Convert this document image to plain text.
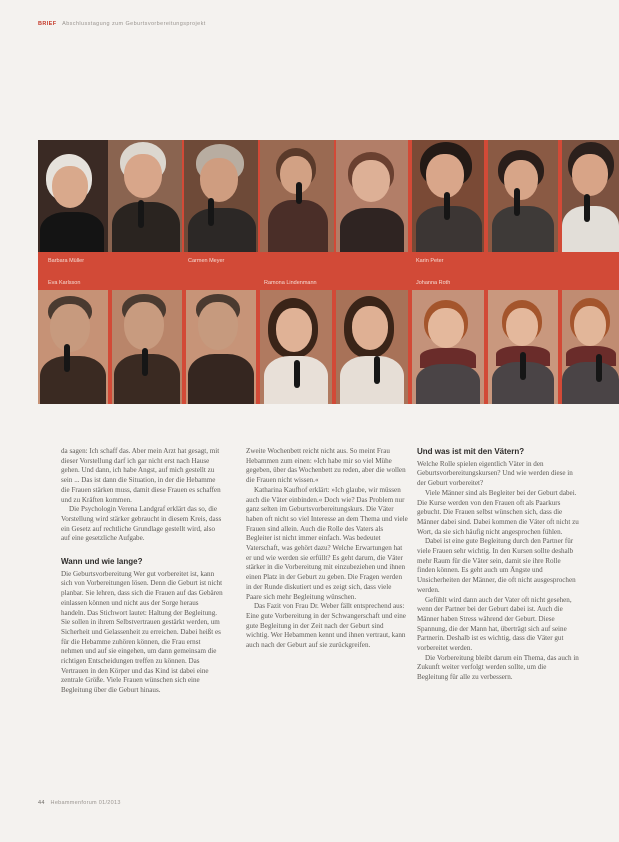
BRIEF Abschlusstagung zum Geburtsvorbereitungsprojekt
Barbara Müller	Carmen Meyer	Karin Peter
Eva Karlsson	Ramona Lindenmann	Johanna Roth

da sagen: Ich schaff das. Aber mein Arzt hat gesagt, mit dieser Vorstellung darf ich gar nicht erst nach Hause gehen. Und dann, ich habe Angst, auf mich gestellt zu sein ... Das ist dann die Situation, in der die Hebamme die Frauen stärken muss, damit diese Frauen es schaffen und zu Kräften kommen.

Die Psychologin Verena Landgraf erklärt das so, die Vorstellung wird stärker gebraucht in diesem Kreis, dass ein Gesetz auf rechtliche Grundlage gestellt wird, also auf eine gesetzliche Aufgabe.

Wann und wie lange?

Die Geburtsvorbereitung Wer gut vorbereitet ist, kann sich von Vorbereitungen lösen. Denn die Geburt ist nicht planbar. Sie lehren, dass sich die Frauen auf das Gebären einlassen können und nicht aus der Sorge heraus handeln. Das Stichwort lautet: Haltung der Begleitung. Sie sollen in ihrem Selbstvertrauen gestärkt werden, um Sicherheit und Gelassenheit zu erreichen. Dabei heißt es für die Hebamme zuhören können, die Frau ernst nehmen und auf sie eingehen, um dann gemeinsam die richtigen Entscheidungen treffen zu können. Das Vertrauen in den Körper und das Kind ist dabei eine zentrale Größe. Viele Frauen wünschen sich eine Begleitung über die Geburt hinaus.

Zweite Wochenbett reicht nicht aus. So meint Frau Hebammen zum einen: »Ich habe mir so viel Mühe gegeben, über das Wochenbett zu reden, aber die wollen die Frauen nicht wissen.«

Katharina Kaufhof erklärt: »Ich glaube, wir müssen auch die Väter einbinden.« Doch wie? Das Problem nur ganz selten im Geburtsvorbereitungskurs. Die Väter haben oft nicht so viel Interesse an dem Thema und viele Frauen sind allein. Auch die Rolle des Vaters als Begleiter ist nicht immer einfach. Was bedeutet Vaterschaft, was gehört dazu? Welche Erwartungen hat er und wie werden sie erfüllt? Es geht darum, die Väter stärker in die Vorbereitung mit einzubeziehen und ihnen einen Platz in der Geburt zu geben. Die Fragen werden in der Runde diskutiert und es zeigt sich, dass viele Paare sich mehr Begleitung wünschen.

Das Fazit von Frau Dr. Weber fällt entsprechend aus: Eine gute Vorbereitung in der Schwangerschaft und eine gute Begleitung in der Zeit nach der Geburt sind wichtig. Wer Hebammen kennt und ihnen vertraut, kann auch nach der Geburt auf sie zurückgreifen.

Und was ist mit den Vätern?

Welche Rolle spielen eigentlich Väter in den Geburtsvorbereitungskursen? Und wie werden diese in der Geburt vorbereitet?

Viele Männer sind als Begleiter bei der Geburt dabei. Die Kurse werden von den Frauen oft als Paarkurs gebucht. Die Frauen selbst wünschen sich, dass die Männer dabei sind. Dabei kommen die Väter oft nicht zu Wort, da sie sich häufig nicht angesprochen fühlen.

Dabei ist eine gute Begleitung durch den Partner für viele Frauen sehr wichtig. In den Kursen sollte deshalb mehr Raum für die Väter sein, damit sie ihre Rolle finden können. Es geht auch um Ängste und Unsicherheiten der Männer, die oft nicht ausgesprochen werden.

Gefühlt wird dann auch der Vater oft nicht gesehen, wenn der Partner bei der Geburt dabei ist. Auch die Männer haben Stress während der Geburt. Diese Spannung, die der Mann hat, überträgt sich auf seine Partnerin. Deshalb ist es wichtig, dass die Väter gut vorbereitet werden.

Die Vorbereitung bleibt darum ein Thema, das auch in Zukunft weiter verfolgt werden sollte, um die Begleitung für alle zu verbessern.

44 Hebammenforum 01/2013
